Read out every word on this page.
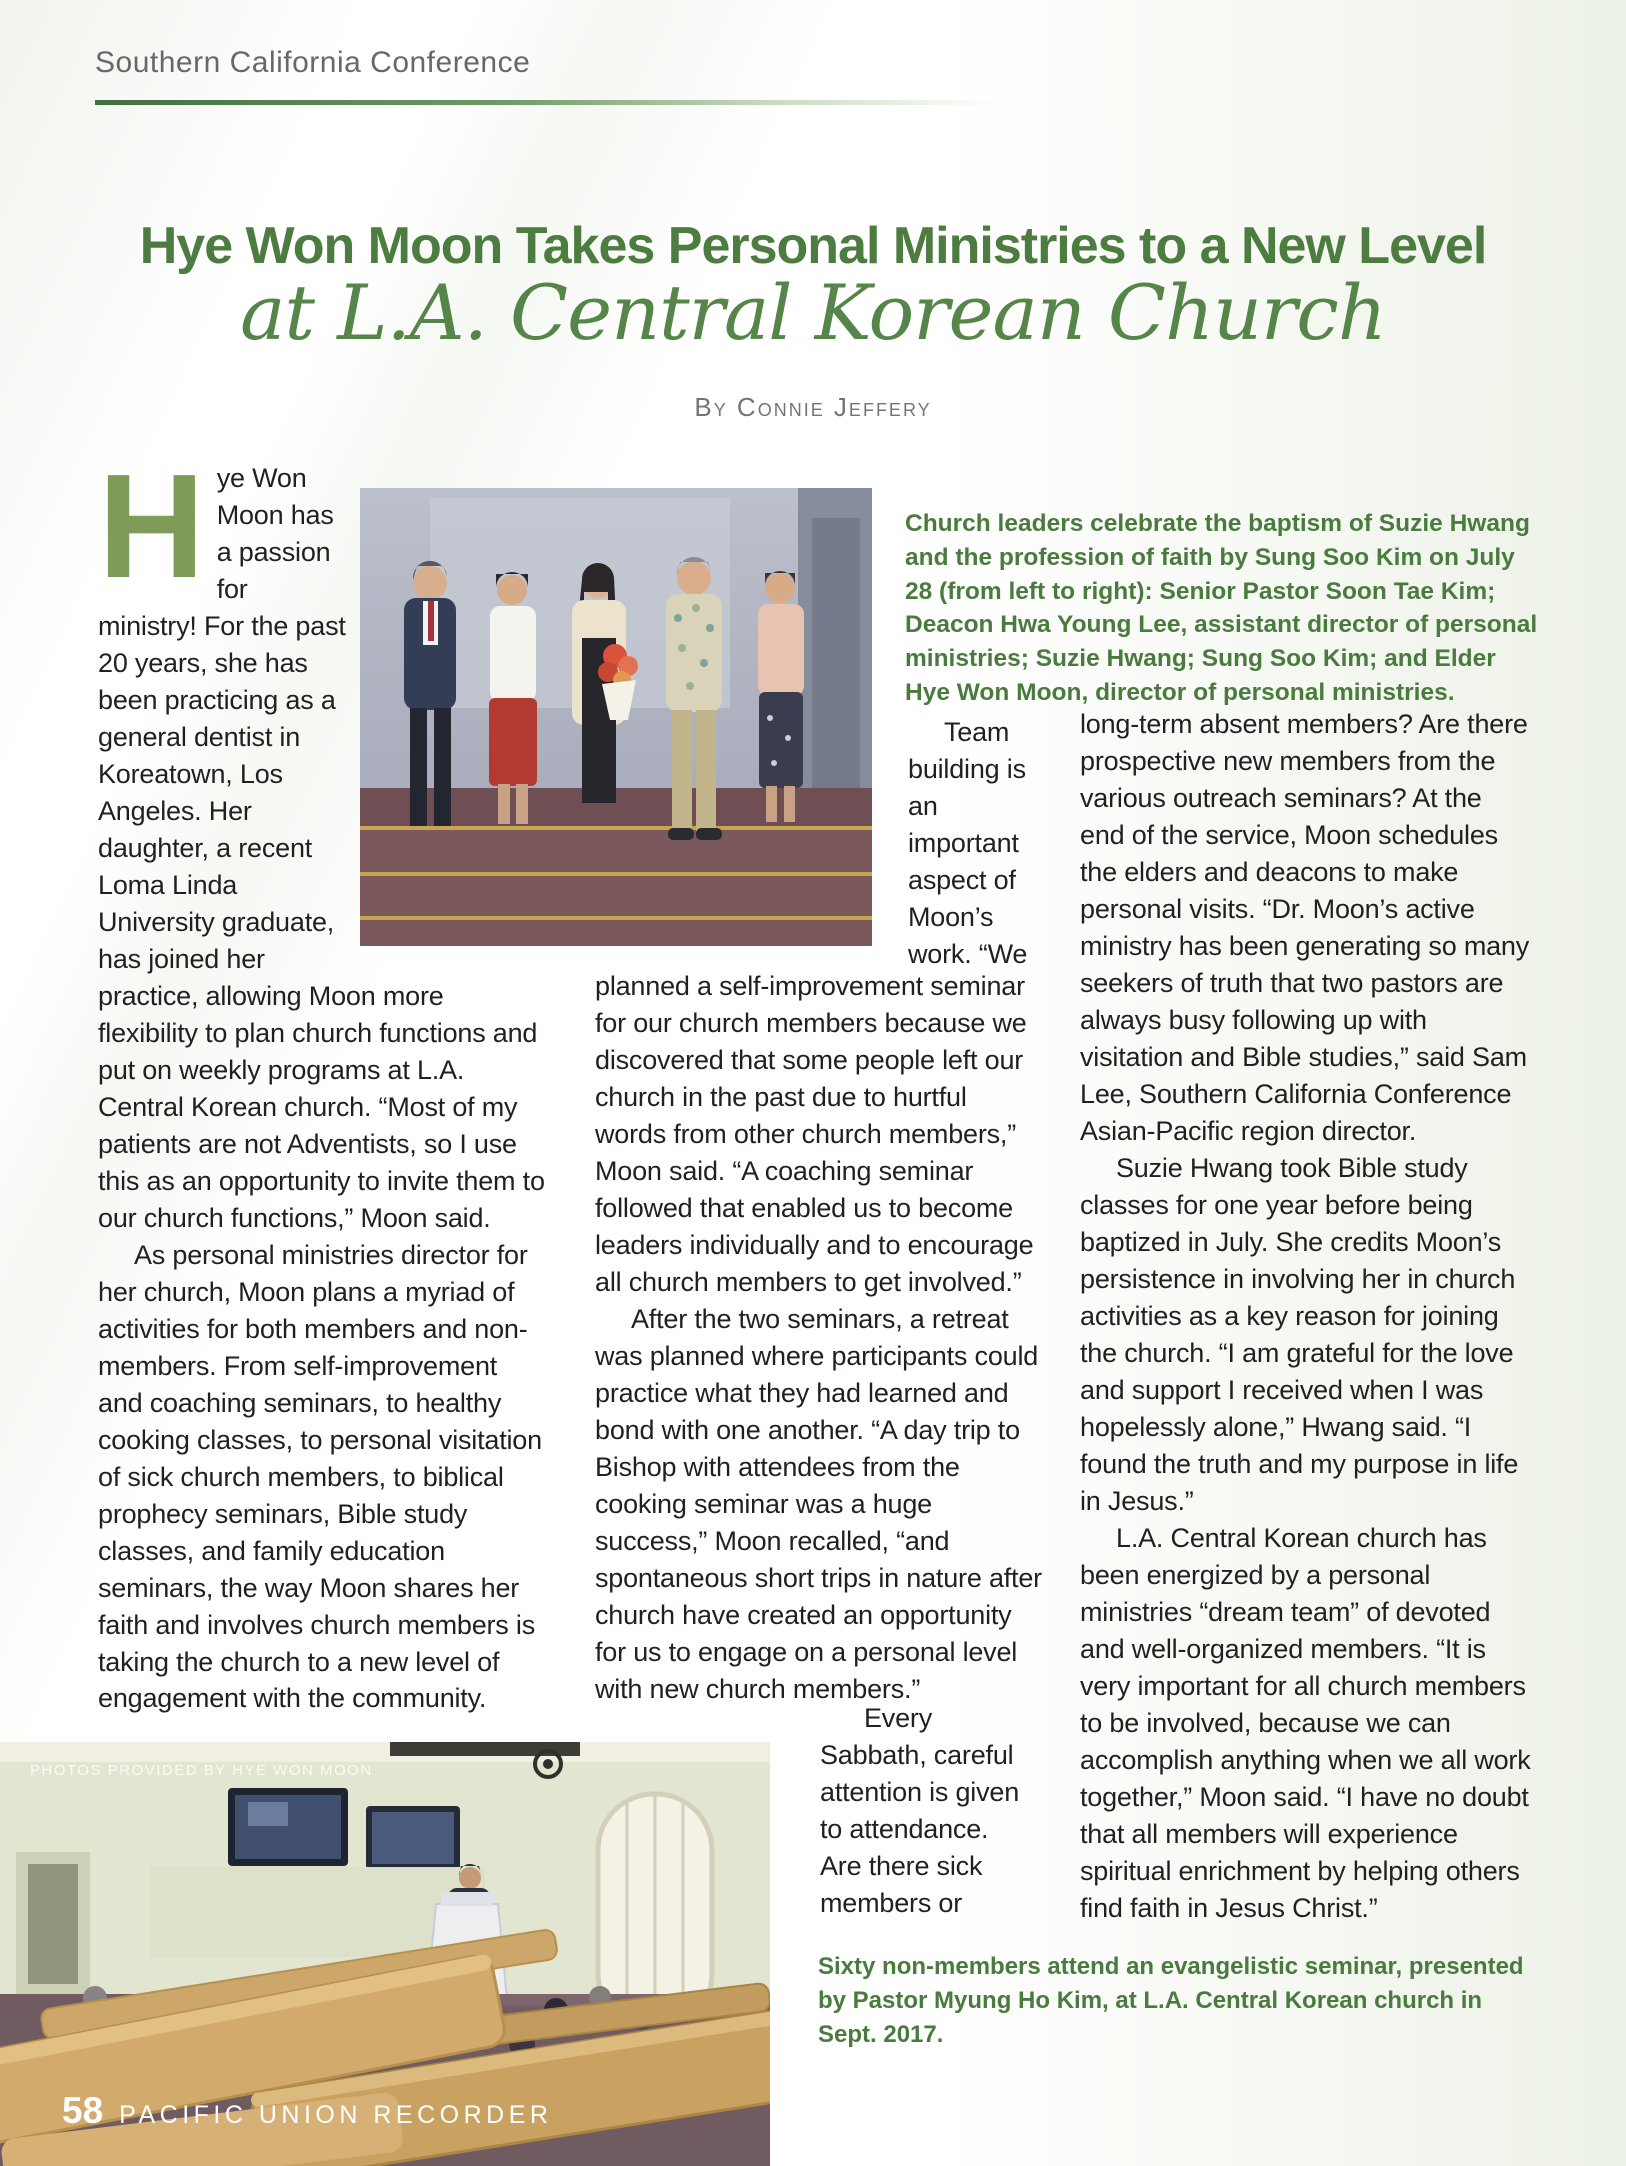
Southern California Conference
Hye Won Moon Takes Personal Ministries to a New Level
at L.A. Central Korean Church
By Connie Jeffery
Church leaders celebrate the baptism of Suzie Hwang and the profession of faith by Sung Soo Kim on July 28 (from left to right): Senior Pastor Soon Tae Kim; Deacon Hwa Young Lee, assistant director of personal ministries; Suzie Hwang; Sung Soo Kim; and Elder Hye Won Moon, director of personal ministries.

Hye Won Moon has a passion for ministry! For the past 20 years, she has been practicing as a general dentist in Koreatown, Los Angeles. Her daughter, a recent Loma Linda University graduate, has joined her practice, allowing Moon more flexibility to plan church functions and put on weekly programs at L.A. Central Korean church. “Most of my patients are not Adventists, so I use this as an opportunity to invite them to our church functions,” Moon said.

As personal ministries director for her church, Moon plans a myriad of activities for both members and non-members. From self-improvement and coaching seminars, to healthy cooking classes, to personal visitation of sick church members, to biblical prophecy seminars, Bible study classes, and family education seminars, the way Moon shares her faith and involves church members is taking the church to a new level of engagement with the community.

Team building is an important aspect of Moon’s work. “We

planned a self-improvement seminar for our church members because we discovered that some people left our church in the past due to hurtful words from other church members,” Moon said. “A coaching seminar followed that enabled us to become leaders individually and to encourage all church members to get involved.”

After the two seminars, a retreat was planned where participants could practice what they had learned and bond with one another. “A day trip to Bishop with attendees from the cooking seminar was a huge success,” Moon recalled, “and spontaneous short trips in nature after church have created an opportunity for us to engage on a personal level with new church members.”

Every Sabbath, careful attention is given to attendance. Are there sick members or

long-term absent members? Are there prospective new members from the various outreach seminars? At the end of the service, Moon schedules the elders and deacons to make personal visits. “Dr. Moon’s active ministry has been generating so many seekers of truth that two pastors are always busy following up with visitation and Bible studies,” said Sam Lee, Southern California Conference Asian-Pacific region director.

Suzie Hwang took Bible study classes for one year before being baptized in July. She credits Moon’s persistence in involving her in church activities as a key reason for joining the church. “I am grateful for the love and support I received when I was hopelessly alone,” Hwang said. “I found the truth and my purpose in life in Jesus.”

L.A. Central Korean church has been energized by a personal ministries “dream team” of devoted and well-organized members. “It is very important for all church members to be involved, because we can accomplish anything when we all work together,” Moon said. “I have no doubt that all members will experience spiritual enrichment by helping others find faith in Jesus Christ.”

PHOTOS PROVIDED BY HYE WON MOON
Sixty non-members attend an evangelistic seminar, presented by Pastor Myung Ho Kim, at L.A. Central Korean church in Sept. 2017.
58 PACIFIC UNION RECORDER
